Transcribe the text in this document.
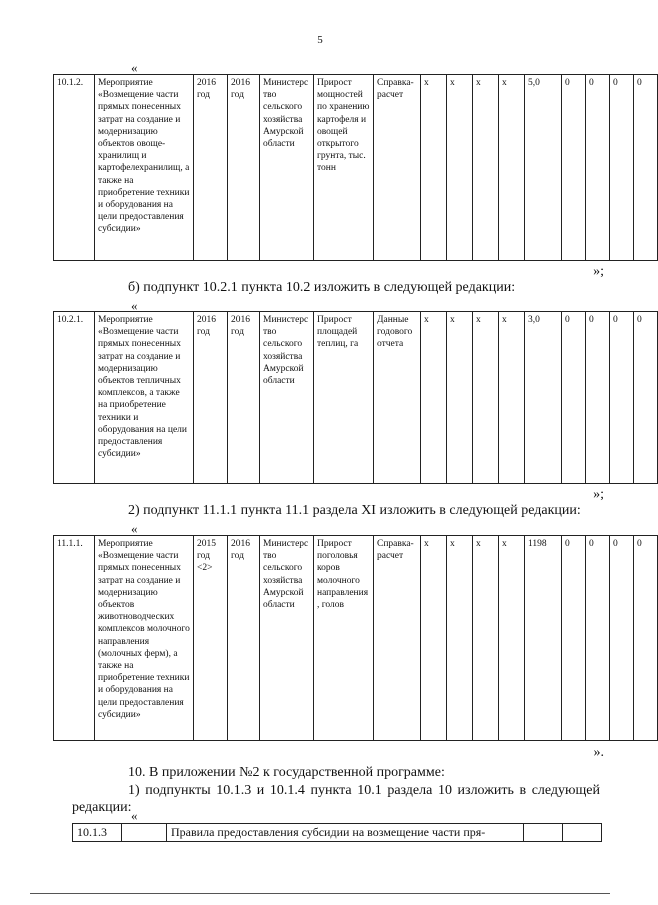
5
«
10.1.2.	Мероприятие «Возмещение части прямых понесенных затрат на создание и модернизацию объектов овоще-хранилищ и картофелехранилищ, а также на приобретение техники и оборудования на цели предоставления субсидии»	2016 год	2016 год	Министерство сельского хозяйства Амурской области	Прирост мощностей по хранению картофеля и овощей открытого грунта, тыс. тонн	Справка-расчет	x	x	x	x	5,0	0	0	0	0
»;
б) подпункт 10.2.1 пункта 10.2 изложить в следующей редакции:
«
10.2.1.	Мероприятие «Возмещение части прямых понесенных затрат на создание и модернизацию объектов тепличных комплексов, а также на приобретение техники и оборудования на цели предоставления субсидии»	2016 год	2016 год	Министерство сельского хозяйства Амурской области	Прирост площадей теплиц, га	Данные годового отчета	x	x	x	x	3,0	0	0	0	0
»;
2) подпункт 11.1.1 пункта 11.1 раздела XI изложить в следующей редакции:
«
11.1.1.	Мероприятие «Возмещение части прямых понесенных затрат на создание и модернизацию объектов животноводческих комплексов молочного направления (молочных ферм), а также на приобретение техники и оборудования на цели предоставления субсидии»	2015 год <2>	2016 год	Министерство сельского хозяйства Амурской области	Прирост поголовья коров молочного направления, голов	Справка-расчет	x	x	x	x	1198	0	0	0	0
».
10. В приложении №2 к государственной программе:
1) подпункты 10.1.3 и 10.1.4 пункта 10.1 раздела 10 изложить в следующей редакции:
«
10.1.3		Правила предоставления субсидии на возмещение части пря-		
